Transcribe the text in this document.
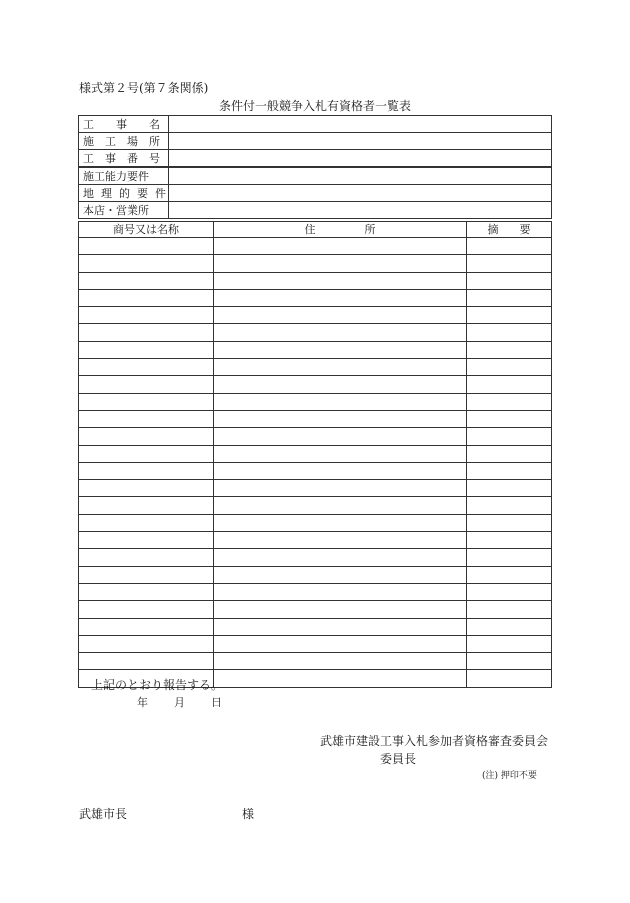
様式第２号(第７条関係)
条件付一般競争入札有資格者一覧表
工 事 名	

施 工 場 所	

工 事 番 号	

施工能力要件	

地 理 的 要 件	

本店・営業所	
商号又は名称	住 所	摘 要

上記のとおり報告する。
年 月 日
武雄市建設工事入札参加者資格審査委員会
委員長
(注) 押印不要
武雄市長	様
